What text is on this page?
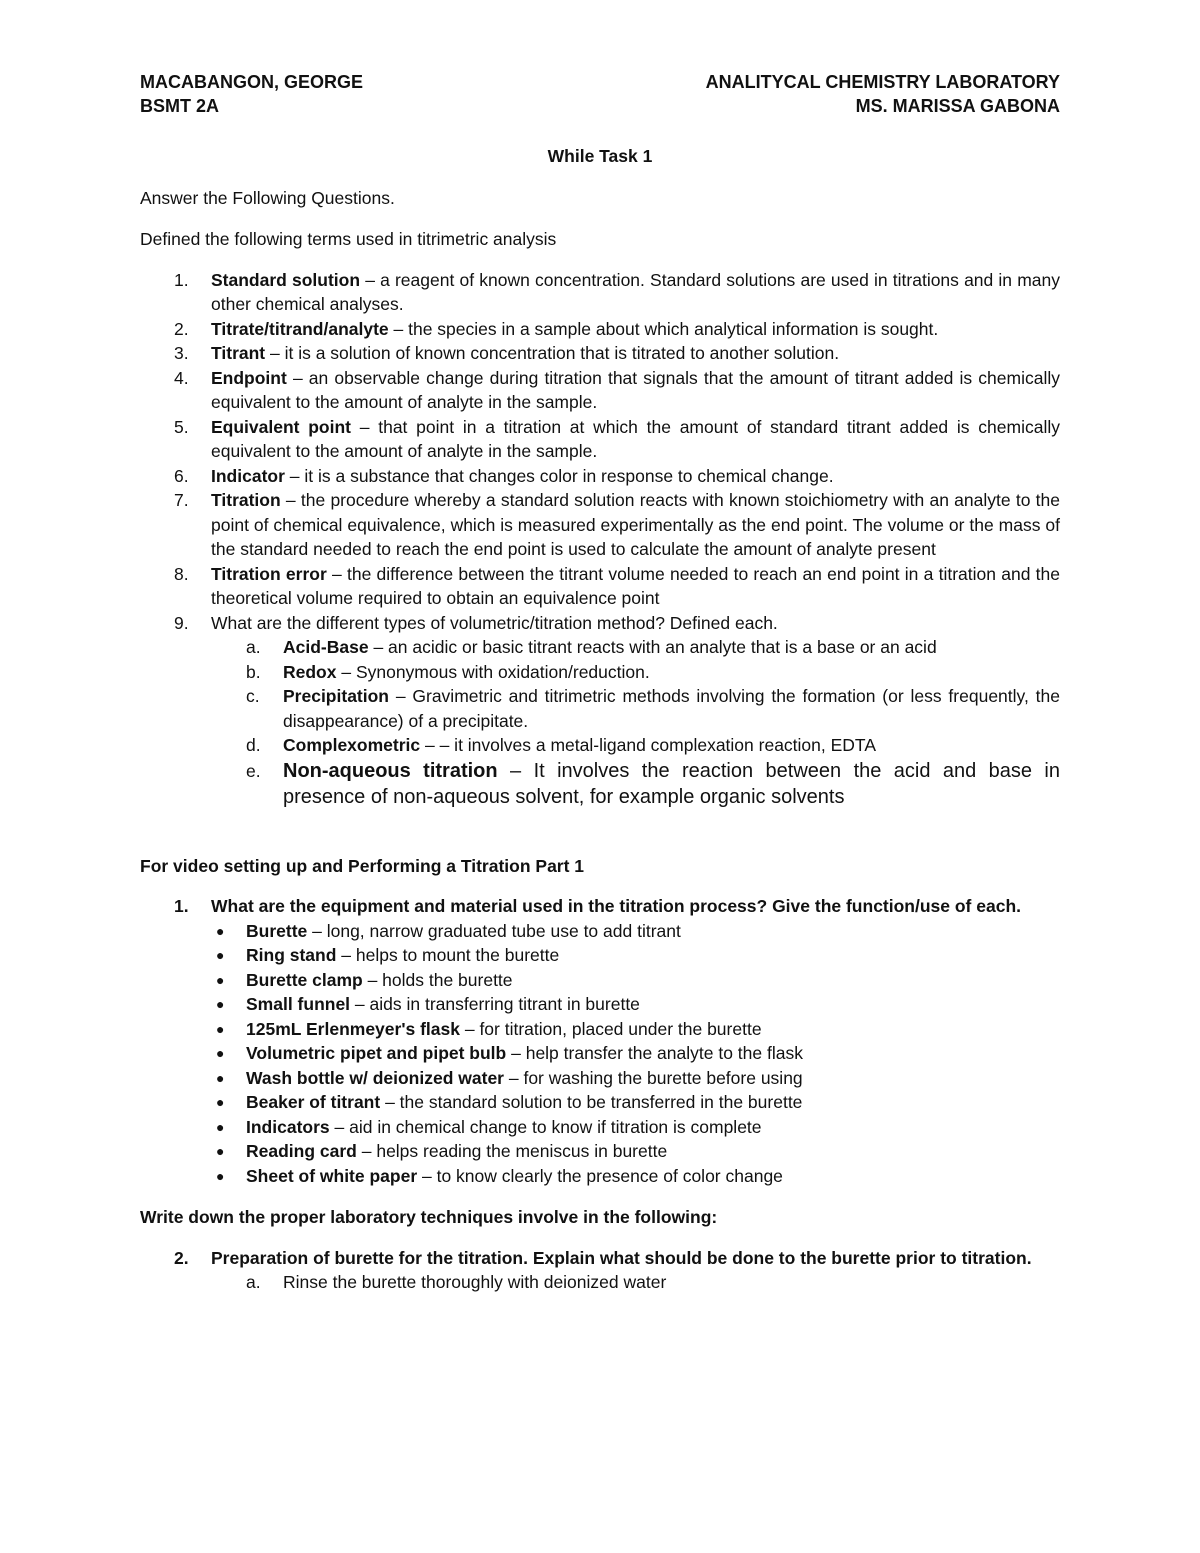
MACABANGON, GEORGE
BSMT 2A
ANALITYCAL CHEMISTRY LABORATORY
MS. MARISSA GABONA

While Task 1

Answer the Following Questions.

Defined the following terms used in titrimetric analysis

1. Standard solution – a reagent of known concentration. Standard solutions are used in titrations and in many other chemical analyses.
2. Titrate/titrand/analyte – the species in a sample about which analytical information is sought.
3. Titrant – it is a solution of known concentration that is titrated to another solution.
4. Endpoint – an observable change during titration that signals that the amount of titrant added is chemically equivalent to the amount of analyte in the sample.
5. Equivalent point – that point in a titration at which the amount of standard titrant added is chemically equivalent to the amount of analyte in the sample.
6. Indicator – it is a substance that changes color in response to chemical change.
7. Titration – the procedure whereby a standard solution reacts with known stoichiometry with an analyte to the point of chemical equivalence, which is measured experimentally as the end point. The volume or the mass of the standard needed to reach the end point is used to calculate the amount of analyte present
8. Titration error – the difference between the titrant volume needed to reach an end point in a titration and the theoretical volume required to obtain an equivalence point
9. What are the different types of volumetric/titration method? Defined each.
a. Acid-Base – an acidic or basic titrant reacts with an analyte that is a base or an acid
b. Redox – Synonymous with oxidation/reduction.
c. Precipitation – Gravimetric and titrimetric methods involving the formation (or less frequently, the disappearance) of a precipitate.
d. Complexometric – – it involves a metal-ligand complexation reaction, EDTA
e. Non-aqueous titration – It involves the reaction between the acid and base in presence of non-aqueous solvent, for example organic solvents

For video setting up and Performing a Titration Part 1

1. What are the equipment and material used in the titration process? Give the function/use of each.
● Burette – long, narrow graduated tube use to add titrant
● Ring stand – helps to mount the burette
● Burette clamp – holds the burette
● Small funnel – aids in transferring titrant in burette
● 125mL Erlenmeyer's flask – for titration, placed under the burette
● Volumetric pipet and pipet bulb – help transfer the analyte to the flask
● Wash bottle w/ deionized water – for washing the burette before using
● Beaker of titrant – the standard solution to be transferred in the burette
● Indicators – aid in chemical change to know if titration is complete
● Reading card – helps reading the meniscus in burette
● Sheet of white paper – to know clearly the presence of color change

Write down the proper laboratory techniques involve in the following:

2. Preparation of burette for the titration. Explain what should be done to the burette prior to titration.
a. Rinse the burette thoroughly with deionized water
